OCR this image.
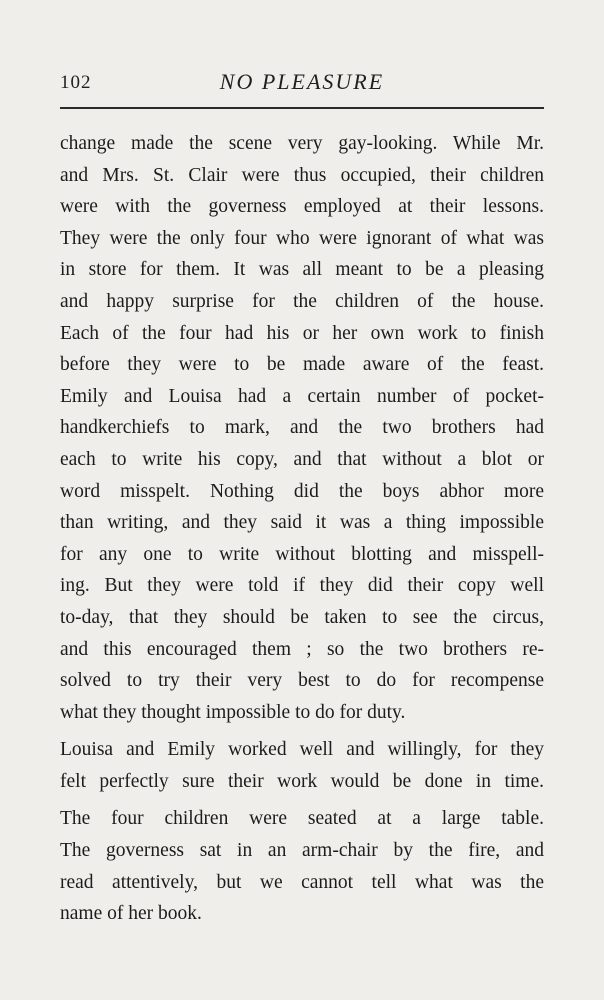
102	NO PLEASURE
change made the scene very gay-looking. While Mr.
and Mrs. St. Clair were thus occupied, their children
were with the governess employed at their lessons.
They were the only four who were ignorant of what was
in store for them. It was all meant to be a pleasing
and happy surprise for the children of the house.
Each of the four had his or her own work to finish
before they were to be made aware of the feast.
Emily and Louisa had a certain number of pocket-
handkerchiefs to mark, and the two brothers had
each to write his copy, and that without a blot or
word misspelt. Nothing did the boys abhor more
than writing, and they said it was a thing impossible
for any one to write without blotting and misspell-
ing. But they were told if they did their copy well
to-day, that they should be taken to see the circus,
and this encouraged them ; so the two brothers re-
solved to try their very best to do for recompense
what they thought impossible to do for duty.
Louisa and Emily worked well and willingly, for they
felt perfectly sure their work would be done in time.
The four children were seated at a large table.
The governess sat in an arm-chair by the fire, and
read attentively, but we cannot tell what was the
name of her book.
